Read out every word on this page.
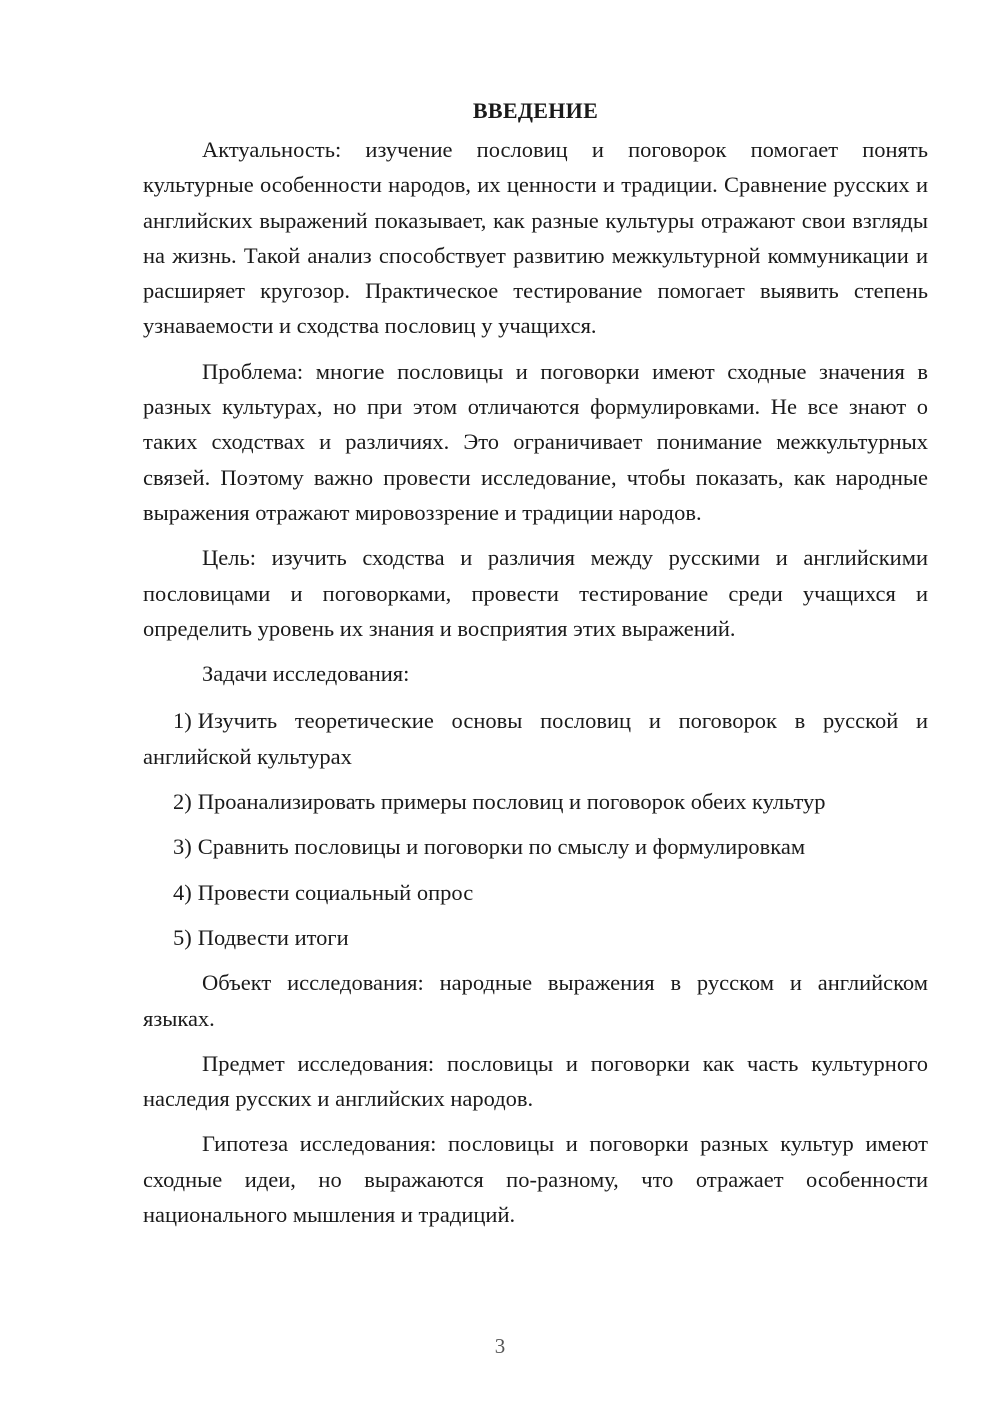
ВВЕДЕНИЕ

Актуальность: изучение пословиц и поговорок помогает понять культурные особенности народов, их ценности и традиции. Сравнение русских и английских выражений показывает, как разные культуры отражают свои взгляды на жизнь. Такой анализ способствует развитию межкультурной коммуникации и расширяет кругозор. Практическое тестирование помогает выявить степень узнаваемости и сходства пословиц у учащихся.

Проблема: многие пословицы и поговорки имеют сходные значения в разных культурах, но при этом отличаются формулировками. Не все знают о таких сходствах и различиях. Это ограничивает понимание межкультурных связей. Поэтому важно провести исследование, чтобы показать, как народные выражения отражают мировоззрение и традиции народов.

Цель: изучить сходства и различия между русскими и английскими пословицами и поговорками, провести тестирование среди учащихся и определить уровень их знания и восприятия этих выражений.

Задачи исследования:

1) Изучить теоретические основы пословиц и поговорок в русской и английской культурах
2) Проанализировать примеры пословиц и поговорок обеих культур
3) Сравнить пословицы и поговорки по смыслу и формулировкам
4) Провести социальный опрос
5) Подвести итоги

Объект исследования: народные выражения в русском и английском языках.

Предмет исследования: пословицы и поговорки как часть культурного наследия русских и английских народов.

Гипотеза исследования: пословицы и поговорки разных культур имеют сходные идеи, но выражаются по-разному, что отражает особенности национального мышления и традиций.

3
